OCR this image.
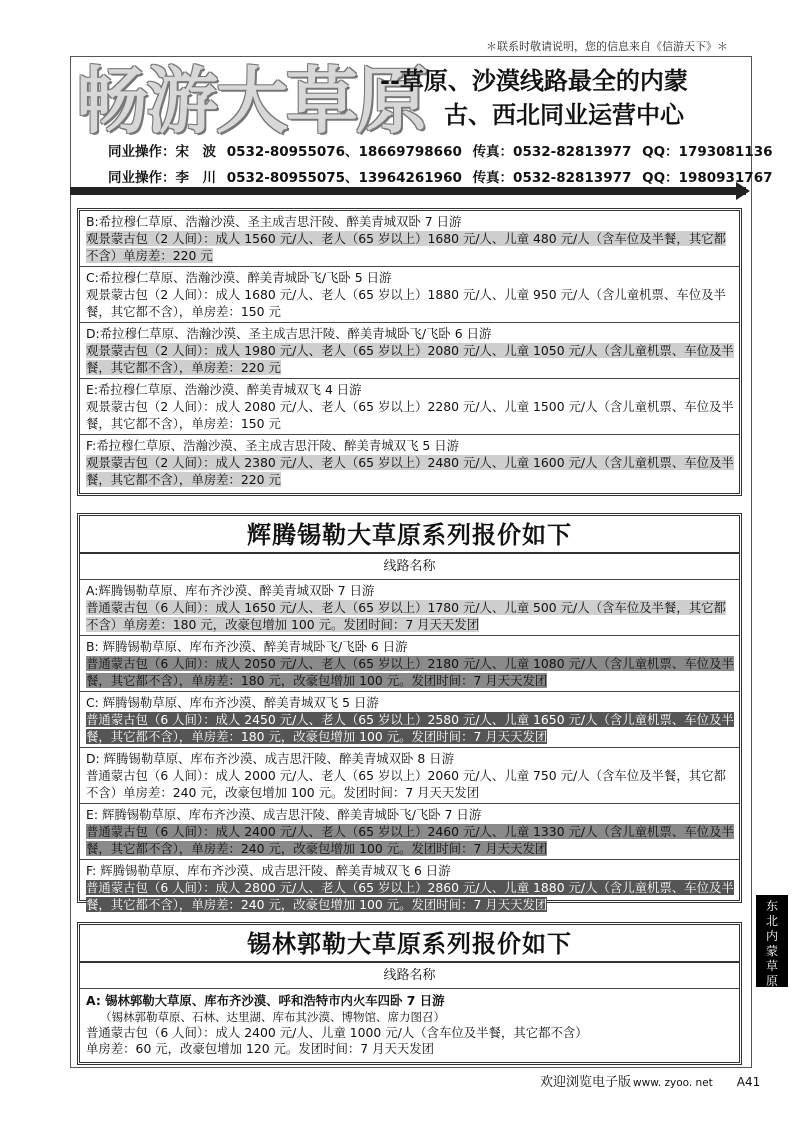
＊联系时敬请说明，您的信息来自《信游天下》＊
畅游大草原
--草原、沙漠线路最全的内蒙
古、西北同业运营中心
同业操作：宋　波 0532-80955076、18669798660 传真：0532-82813977 QQ：1793081136
同业操作：李　川 0532-80955075、13964261960 传真：0532-82813977 QQ：1980931767
B:希拉穆仁草原、浩瀚沙漠、圣主成吉思汗陵、醉美青城双卧 7 日游
观景蒙古包（2 人间）：成人 1560 元/人、老人（65 岁以上）1680 元/人、儿童 480 元/人（含车位及半餐，其它都不含）单房差：220 元
C:希拉穆仁草原、浩瀚沙漠、醉美青城卧飞/飞卧 5 日游
观景蒙古包（2 人间）：成人 1680 元/人、老人（65 岁以上）1880 元/人、儿童 950 元/人（含儿童机票、车位及半餐，其它都不含），单房差：150 元
D:希拉穆仁草原、浩瀚沙漠、圣主成吉思汗陵、醉美青城卧飞/飞卧 6 日游
观景蒙古包（2 人间）：成人 1980 元/人、老人（65 岁以上）2080 元/人、儿童 1050 元/人（含儿童机票、车位及半餐，其它都不含），单房差：220 元
E:希拉穆仁草原、浩瀚沙漠、醉美青城双飞 4 日游
观景蒙古包（2 人间）：成人 2080 元/人、老人（65 岁以上）2280 元/人、儿童 1500 元/人（含儿童机票、车位及半餐，其它都不含），单房差：150 元
F:希拉穆仁草原、浩瀚沙漠、圣主成吉思汗陵、醉美青城双飞 5 日游
观景蒙古包（2 人间）：成人 2380 元/人、老人（65 岁以上）2480 元/人、儿童 1600 元/人（含儿童机票、车位及半餐，其它都不含），单房差：220 元
辉腾锡勒大草原系列报价如下
线路名称
A:辉腾锡勒草原、库布齐沙漠、醉美青城双卧 7 日游
普通蒙古包（6 人间）：成人 1650 元/人、老人（65 岁以上）1780 元/人、儿童 500 元/人（含车位及半餐，其它都不含）单房差：180 元，改豪包增加 100 元。发团时间：7 月天天发团
B: 辉腾锡勒草原、库布齐沙漠、醉美青城卧飞/飞卧 6 日游
普通蒙古包（6 人间）：成人 2050 元/人、老人（65 岁以上）2180 元/人、儿童 1080 元/人（含儿童机票、车位及半餐，其它都不含），单房差：180 元，改豪包增加 100 元。发团时间：7 月天天发团
C: 辉腾锡勒草原、库布齐沙漠、醉美青城双飞 5 日游
普通蒙古包（6 人间）：成人 2450 元/人、老人（65 岁以上）2580 元/人、儿童 1650 元/人（含儿童机票、车位及半餐，其它都不含），单房差：180 元，改豪包增加 100 元。发团时间：7 月天天发团
D: 辉腾锡勒草原、库布齐沙漠、成吉思汗陵、醉美青城双卧 8 日游
普通蒙古包（6 人间）：成人 2000 元/人、老人（65 岁以上）2060 元/人、儿童 750 元/人（含车位及半餐，其它都不含）单房差：240 元，改豪包增加 100 元。发团时间：7 月天天发团
E: 辉腾锡勒草原、库布齐沙漠、成吉思汗陵、醉美青城卧飞/飞卧 7 日游
普通蒙古包（6 人间）：成人 2400 元/人、老人（65 岁以上）2460 元/人、儿童 1330 元/人（含儿童机票、车位及半餐，其它都不含），单房差：240 元，改豪包增加 100 元。发团时间：7 月天天发团
F: 辉腾锡勒草原、库布齐沙漠、成吉思汗陵、醉美青城双飞 6 日游
普通蒙古包（6 人间）：成人 2800 元/人、老人（65 岁以上）2860 元/人、儿童 1880 元/人（含儿童机票、车位及半餐，其它都不含），单房差：240 元，改豪包增加 100 元。发团时间：7 月天天发团
锡林郭勒大草原系列报价如下
线路名称
A: 锡林郭勒大草原、库布齐沙漠、呼和浩特市内火车四卧 7 日游
（锡林郭勒草原、石林、达里湖、库布其沙漠、博物馆、席力图召）
普通蒙古包（6 人间）：成人 2400 元/人、儿童 1000 元/人（含车位及半餐，其它都不含）
单房差：60 元，改豪包增加 120 元。发团时间：7 月天天发团
东
北
内
蒙
草
原
欢迎浏览电子版 www. zyoo. net A41
